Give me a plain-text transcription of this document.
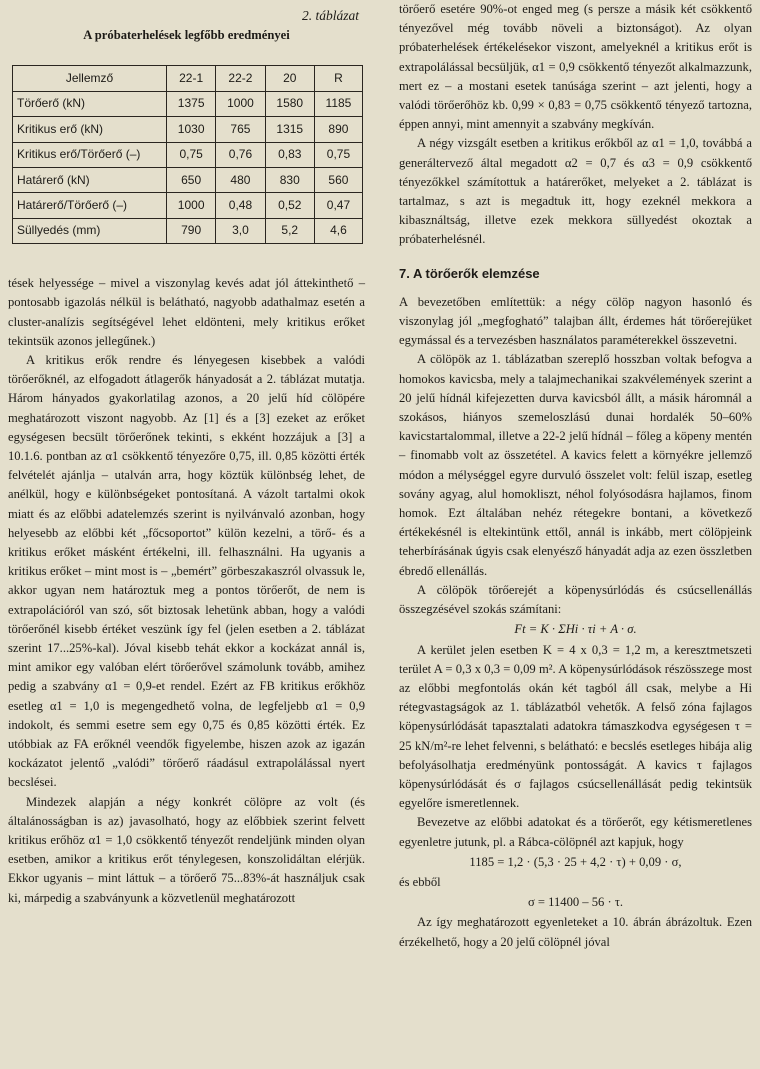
2. táblázat
A próbaterhelések legfőbb eredményei
Jellemző	22-1	22-2	20	R
Törőerő (kN)	1375	1000	1580	1185
Kritikus erő (kN)	1030	765	1315	890
Kritikus erő/Törőerő (–)	0,75	0,76	0,83	0,75
Határerő (kN)	650	480	830	560
Határerő/Törőerő (–)	1000	0,48	0,52	0,47
Süllyedés (mm)	790	3,0	5,2	4,6

tések helyessége – mivel a viszonylag kevés adat jól áttekinthető – pontosabb igazolás nélkül is belátható, nagyobb adathalmaz esetén a cluster-analízis segítségével lehet eldönteni, mely kritikus erőket tekintsük azonos jellegűnek.)

A kritikus erők rendre és lényegesen kisebbek a valódi törőerőknél, az elfogadott átlagerők hányadosát a 2. táblázat mutatja. Három hányados gyakorlatilag azonos, a 20 jelű híd cölöpére meghatározott viszont nagyobb. Az [1] és a [3] ezeket az erőket egységesen becsült törőerőnek tekinti, s ekként hozzájuk a [3] a 10.1.6. pontban az α1 csökkentő tényezőre 0,75, ill. 0,85 közötti érték felvételét ajánlja – utalván arra, hogy köztük különbség lehet, de anélkül, hogy e különbségeket pontosítaná. A vázolt tartalmi okok miatt és az előbbi adatelemzés szerint is nyilvánvaló azonban, hogy helyesebb az előbbi két „főcsoportot” külön kezelni, a törő- és a kritikus erőket másként értékelni, ill. felhasználni. Ha ugyanis a kritikus erőket – mint most is – „bemért” görbeszakaszról olvassuk le, akkor ugyan nem határoztuk meg a pontos törőerőt, de nem is extrapolációról van szó, sőt biztosak lehetünk abban, hogy a valódi törőerőnél kisebb értéket veszünk így fel (jelen esetben a 2. táblázat szerint 17...25%-kal). Jóval kisebb tehát ekkor a kockázat annál is, mint amikor egy valóban elért törőerővel számolunk tovább, amihez pedig a szabvány α1 = 0,9-et rendel. Ezért az FB kritikus erőkhöz esetleg α1 = 1,0 is megengedhető volna, de legfeljebb α1 = 0,9 indokolt, és semmi esetre sem egy 0,75 és 0,85 közötti érték. Ez utóbbiak az FA erőknél veendők figyelembe, hiszen azok az igazán kockázatot jelentő „valódi” törőerő ráadásul extrapolálással nyert becslései.

Mindezek alapján a négy konkrét cölöpre az volt (és általánosságban is az) javasolható, hogy az előbbiek szerint felvett kritikus erőhöz α1 = 1,0 csökkentő tényezőt rendeljünk minden olyan esetben, amikor a kritikus erőt ténylegesen, konszolidáltan elérjük. Ekkor ugyanis – mint láttuk – a törőerő 75...83%-át használjuk csak ki, márpedig a szabványunk a közvetlenül meghatározott

törőerő esetére 90%-ot enged meg (s persze a másik két csökkentő tényezővel még tovább növeli a biztonságot). Az olyan próbaterhelések értékelésekor viszont, amelyeknél a kritikus erőt is extrapolálással becsüljük, α1 = 0,9 csökkentő tényezőt alkalmazzunk, mert ez – a mostani esetek tanúsága szerint – azt jelenti, hogy a valódi törőerőhöz kb. 0,99 × 0,83 = 0,75 csökkentő tényező tartozna, éppen annyi, mint amennyit a szabvány megkíván.

A négy vizsgált esetben a kritikus erőkből az α1 = 1,0, továbbá a generáltervező által megadott α2 = 0,7 és α3 = 0,9 csökkentő tényezőkkel számítottuk a határerőket, melyeket a 2. táblázat is tartalmaz, s azt is megadtuk itt, hogy ezeknél mekkora a kibasználtság, illetve ezek mekkora süllyedést okoztak a próbaterhelésnél.

7. A törőerők elemzése

A bevezetőben említettük: a négy cölöp nagyon hasonló és viszonylag jól „megfogható” talajban állt, érdemes hát törőerejüket egymással és a tervezésben használatos paraméterekkel összevetni.

A cölöpök az 1. táblázatban szereplő hosszban voltak befogva a homokos kavicsba, mely a talajmechanikai szakvélemények szerint a 20 jelű hídnál kifejezetten durva kavicsból állt, a másik háromnál a szokásos, hiányos szemeloszlású dunai hordalék 50–60% kavicstartalommal, illetve a 22-2 jelű hídnál – főleg a köpeny mentén – finomabb volt az összetétel. A kavics felett a környékre jellemző módon a mélységgel egyre durvuló összelet volt: felül iszap, esetleg sovány agyag, alul homokliszt, néhol folyósodásra hajlamos, finom homok. Ezt általában nehéz rétegekre bontani, a következő értékekésnél is eltekintünk ettől, annál is inkább, mert cölöpjeink teherbírásának úgyis csak elenyésző hányadát adja az ezen összletben ébredő ellenállás.

A cölöpök törőerejét a köpenysúrlódás és csúcsellenállás összegzésével szokás számítani:

Ft = K · ΣHi · τi + A · σ.

A kerület jelen esetben K = 4 x 0,3 = 1,2 m, a keresztmetszeti terület A = 0,3 x 0,3 = 0,09 m². A köpenysúrlódások részösszege most az előbbi megfontolás okán két tagból áll csak, melybe a Hi rétegvastagságok az 1. táblázatból vehetők. A felső zóna fajlagos köpenysúrlódását tapasztalati adatokra támaszkodva egységesen τ = 25 kN/m²-re lehet felvenni, s belátható: e becslés esetleges hibája alig befolyásolhatja eredményünk pontosságát. A kavics τ fajlagos köpenysúrlódását és σ fajlagos csúcsellenállását pedig tekintsük egyelőre ismeretlennek.

Bevezetve az előbbi adatokat és a törőerőt, egy kétismeretlenes egyenletre jutunk, pl. a Rábca-cölöpnél azt kapjuk, hogy

1185 = 1,2 · (5,3 · 25 + 4,2 · τ) + 0,09 · σ,

és ebből

σ = 11400 – 56 · τ.

Az így meghatározott egyenleteket a 10. ábrán ábrázoltuk. Ezen érzékelhető, hogy a 20 jelű cölöpnél jóval
